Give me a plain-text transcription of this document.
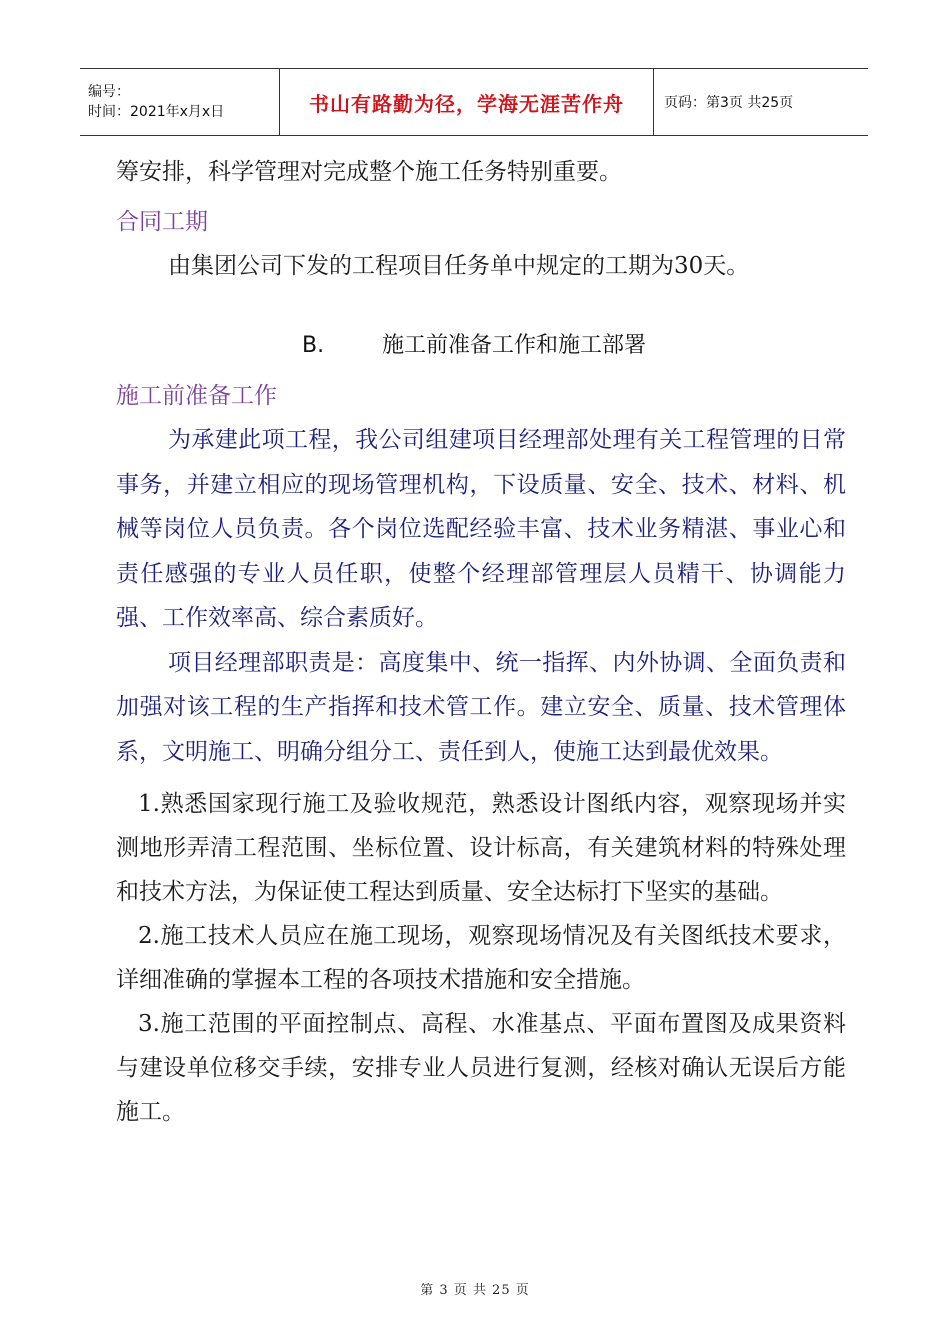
编号：
时间：2021年x月x日	书山有路勤为径，学海无涯苦作舟	页码：第3页 共25页

筹安排，科学管理对完成整个施工任务特别重要。

合同工期

由集团公司下发的工程项目任务单中规定的工期为30天。

B.	施工前准备工作和施工部署

施工前准备工作

为承建此项工程，我公司组建项目经理部处理有关工程管理的日常事务，并建立相应的现场管理机构，下设质量、安全、技术、材料、机械等岗位人员负责。各个岗位选配经验丰富、技术业务精湛、事业心和责任感强的专业人员任职，使整个经理部管理层人员精干、协调能力强、工作效率高、综合素质好。

项目经理部职责是：高度集中、统一指挥、内外协调、全面负责和加强对该工程的生产指挥和技术管工作。建立安全、质量、技术管理体系，文明施工、明确分组分工、责任到人，使施工达到最优效果。

1.熟悉国家现行施工及验收规范，熟悉设计图纸内容，观察现场并实测地形弄清工程范围、坐标位置、设计标高，有关建筑材料的特殊处理和技术方法，为保证使工程达到质量、安全达标打下坚实的基础。

2.施工技术人员应在施工现场，观察现场情况及有关图纸技术要求，详细准确的掌握本工程的各项技术措施和安全措施。

3.施工范围的平面控制点、高程、水准基点、平面布置图及成果资料与建设单位移交手续，安排专业人员进行复测，经核对确认无误后方能施工。

第 3 页 共 25 页
